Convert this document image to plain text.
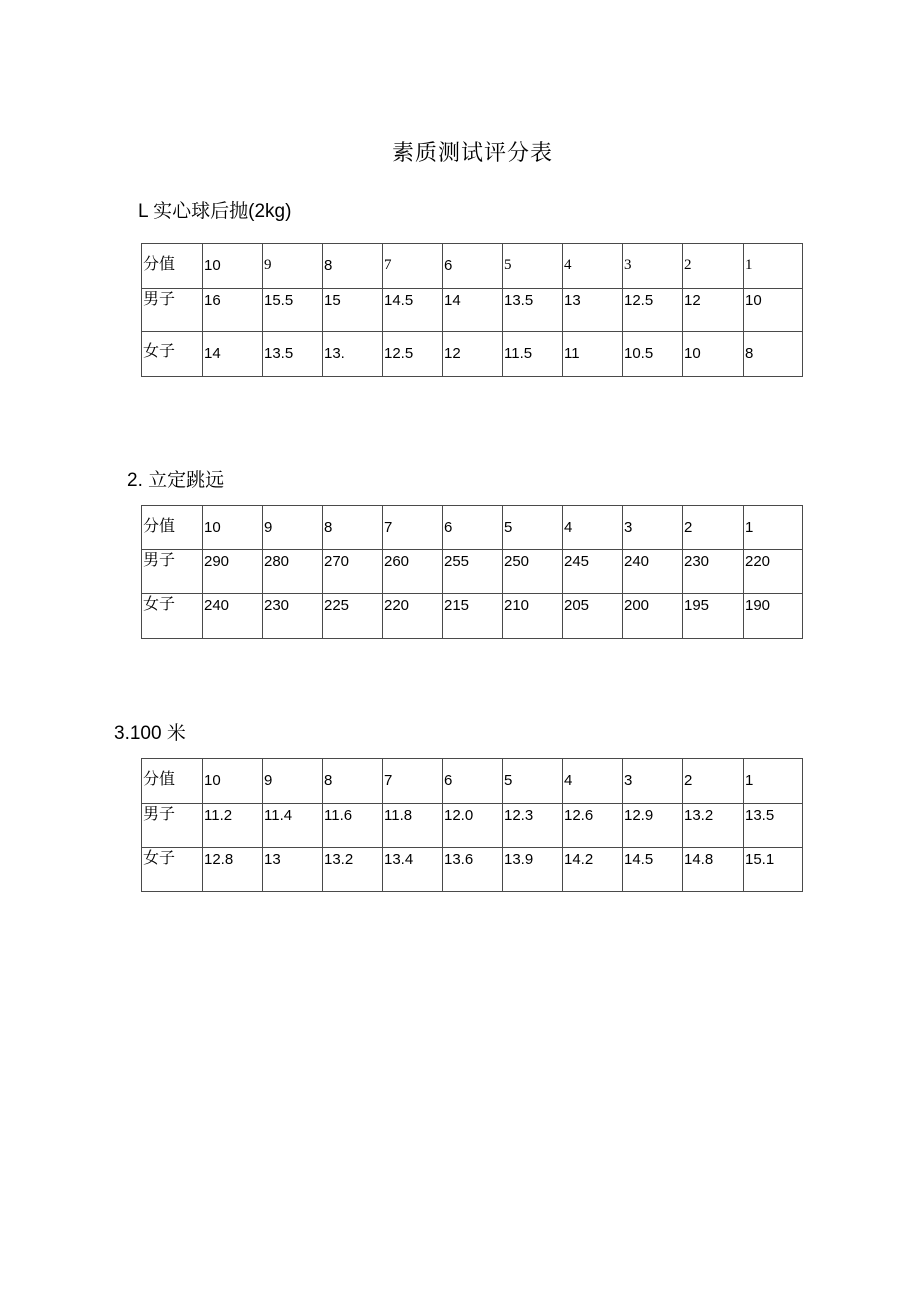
素质测试评分表
L 实心球后抛(2kg)
分值	10	9	8	7	6	5	4	3	2	1
男子	16	15.5	15	14.5	14	13.5	13	12.5	12	10
女子	14	13.5	13.	12.5	12	11.5	11	10.5	10	8
2. 立定跳远
分值	10	9	8	7	6	5	4	3	2	1
男子	290	280	270	260	255	250	245	240	230	220
女子	240	230	225	220	215	210	205	200	195	190
3.100 米
分值	10	9	8	7	6	5	4	3	2	1
男子	11.2	11.4	11.6	11.8	12.0	12.3	12.6	12.9	13.2	13.5
女子	12.8	13	13.2	13.4	13.6	13.9	14.2	14.5	14.8	15.1
